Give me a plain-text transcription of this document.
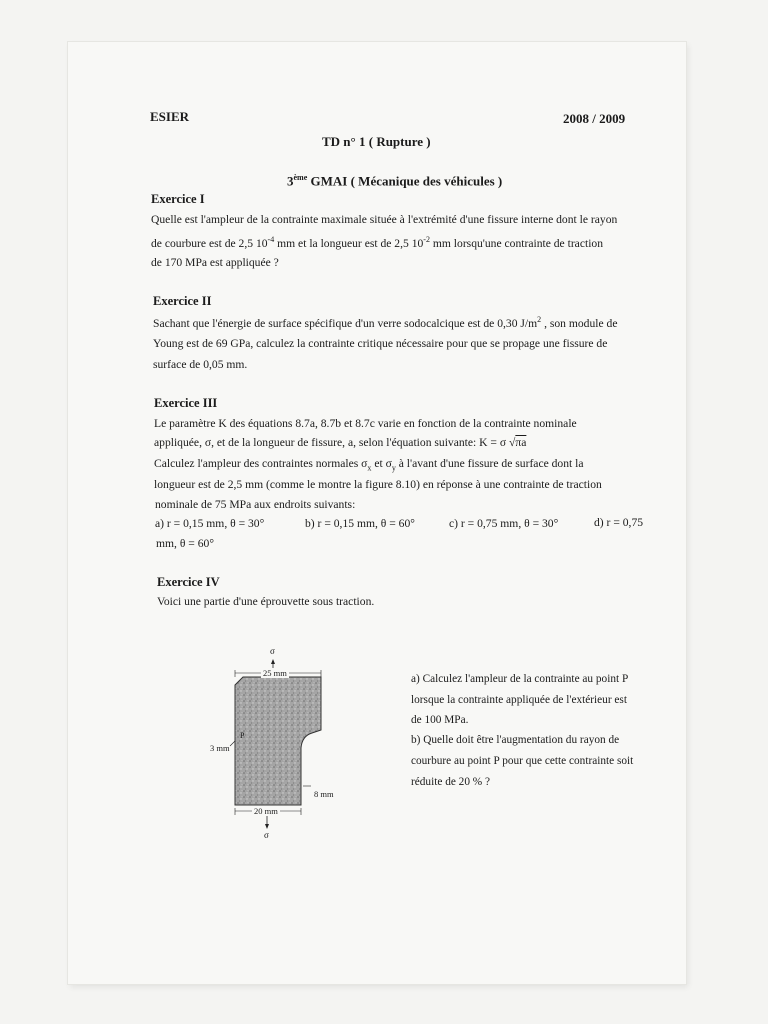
ESIER	2008 / 2009
TD n° 1 ( Rupture )
3ème GMAI ( Mécanique des véhicules )
Exercice I
Quelle est l'ampleur de la contrainte maximale située à l'extrémité d'une fissure interne dont le rayon
de courbure est de 2,5 $10^{-4}$ mm et la longueur est de 2,5 $10^{-2}$ mm lorsqu'une contrainte de traction
de 170 MPa est appliquée ?
Exercice II
Sachant que l'énergie de surface spécifique d'un verre sodocalcique est de 0,30 $J/m^2$ , son module de
Young est de 69 GPa, calculez la contrainte critique nécessaire pour que se propage une fissure de
surface de 0,05 mm.
Exercice III
Le paramètre K des équations 8.7a, 8.7b et 8.7c varie en fonction de la contrainte nominale
appliquée, σ, et de la longueur de fissure, a, selon l'équation suivante: K = σ √πa
Calculez l'ampleur des contraintes normales $\sigma_x$ et $\sigma_y$ à l'avant d'une fissure de surface dont la
longueur est de 2,5 mm (comme le montre la figure 8.10) en réponse à une contrainte de traction
nominale de 75 MPa aux endroits suivants:
a) r = 0,15 mm, θ = 30°	b) r = 0,15 mm, θ = 60°	c) r = 0,75 mm, θ = 30°	d) r = 0,75
mm, θ = 60°
Exercice IV
Voici une partie d'une éprouvette sous traction.
σ
25 mm
3 mm
P
8 mm
20 mm
σ
a) Calculez l'ampleur de la contrainte au point P
lorsque la contrainte appliquée de l'extérieur est
de 100 MPa.
b) Quelle doit être l'augmentation du rayon de
courbure au point P pour que cette contrainte soit
réduite de 20 % ?
